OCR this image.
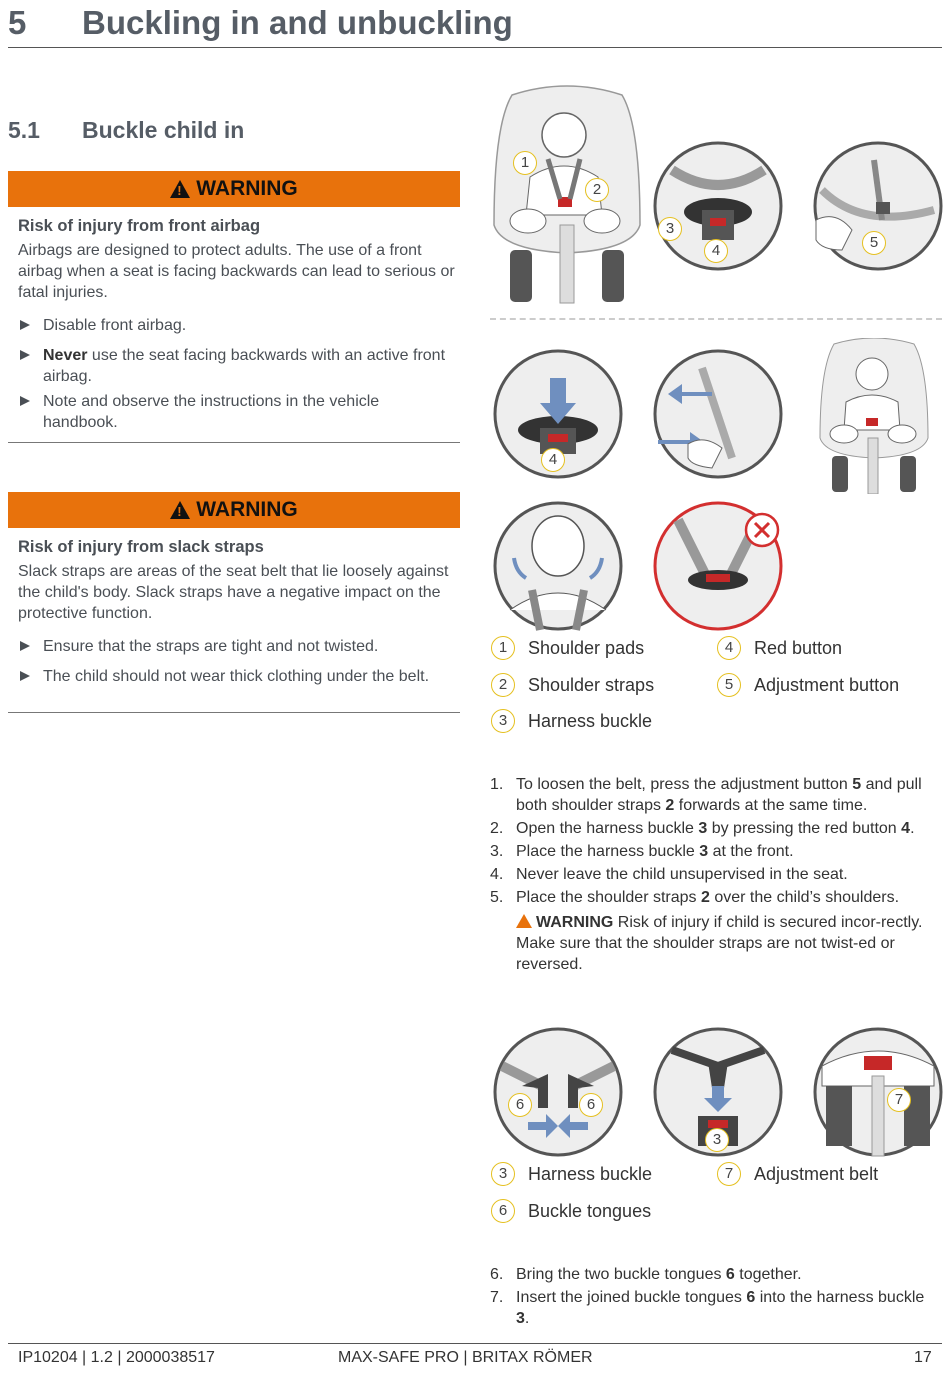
5 Buckling in and unbuckling
5.1 Buckle child in
!
WARNING
Risk of injury from front airbag
Airbags are designed to protect adults. The use of a front airbag when a seat is facing backwards can lead to serious or fatal injuries.
Disable front airbag.
Never use the seat facing backwards with an active front airbag.
Note and observe the instructions in the vehicle handbook.
!
WARNING
Risk of injury from slack straps
Slack straps are areas of the seat belt that lie loosely against the child's body. Slack straps have a negative impact on the protective function.
Ensure that the straps are tight and not twisted.
The child should not wear thick clothing under the belt.
1
2
3
4	5
4
1	Shoulder pads
2	Shoulder straps
3	Harness buckle
4	Red button
5	Adjustment button
1. To loosen the belt, press the adjustment button 5 and pull both shoulder straps 2 forwards at the same time.
2. Open the harness buckle 3 by pressing the red button 4.
3. Place the harness buckle 3 at the front.
4. Never leave the child unsupervised in the seat.
5. Place the shoulder straps 2 over the child’s shoulders.
WARNING Risk of injury if child is secured incor-rectly. Make sure that the shoulder straps are not twist-ed or reversed.
6	6
3
7
3	Harness buckle
6	Buckle tongues
7	Adjustment belt
6. Bring the two buckle tongues 6 together.
7. Insert the joined buckle tongues 6 into the harness buckle 3.
IP10204 | 1.2 | 2000038517	MAX-SAFE PRO | BRITAX RÖMER	17
